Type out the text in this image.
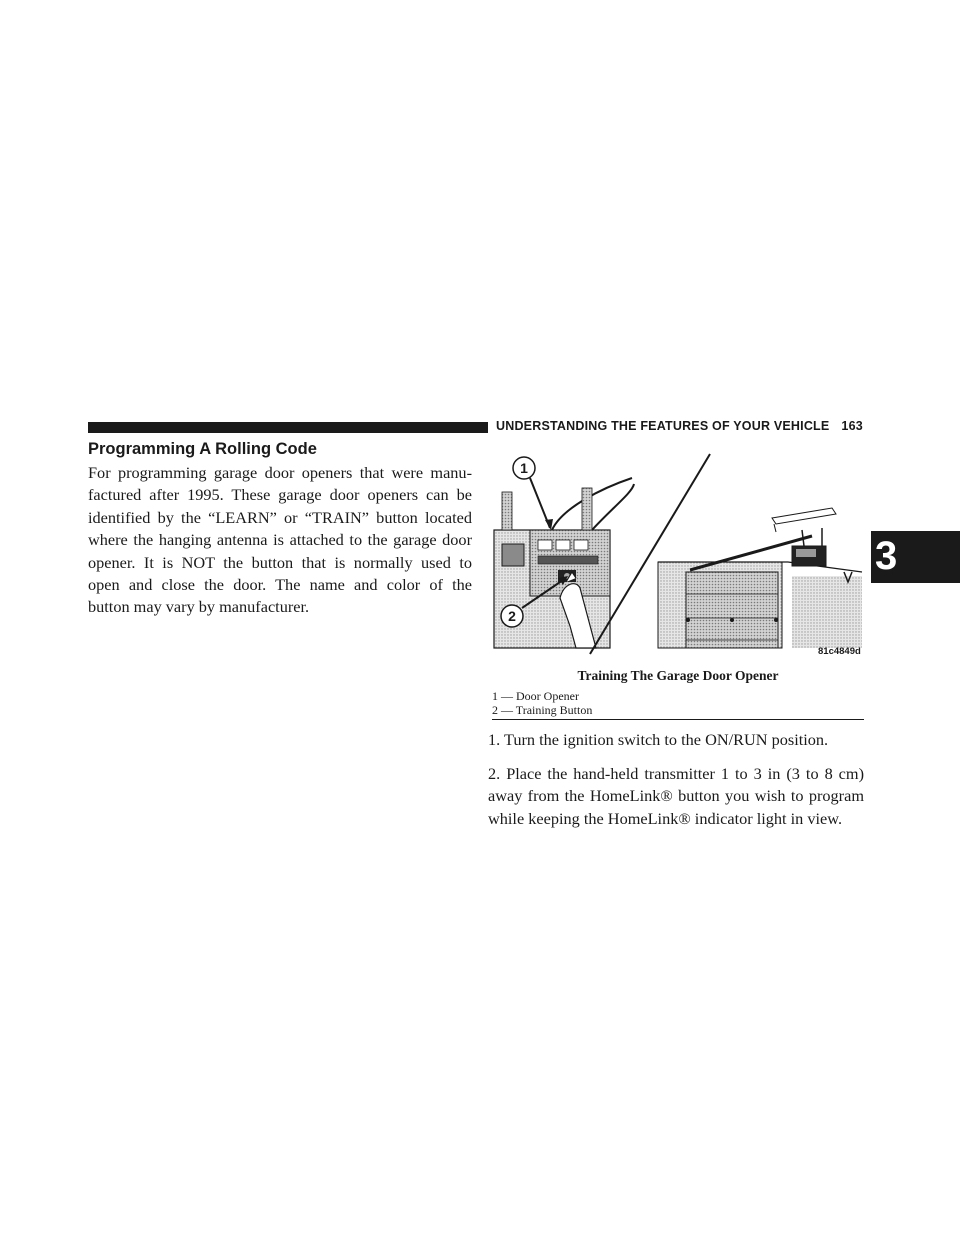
UNDERSTANDING THE FEATURES OF YOUR VEHICLE 163
3
Programming A Rolling Code
For programming garage door openers that were manu-
factured after 1995. These garage door openers can be
identified by the “LEARN” or “TRAIN” button located
where the hanging antenna is attached to the garage door
opener. It is NOT the button that is normally used to
open and close the door. The name and color of the
button may vary by manufacturer.
1
2
81c4849d
Training The Garage Door Opener
1 — Door Opener
2 — Training Button
1. Turn the ignition switch to the ON/RUN position.
2. Place the hand-held transmitter 1 to 3 in (3 to 8 cm)
away from the HomeLink® button you wish to program
while keeping the HomeLink® indicator light in view.
